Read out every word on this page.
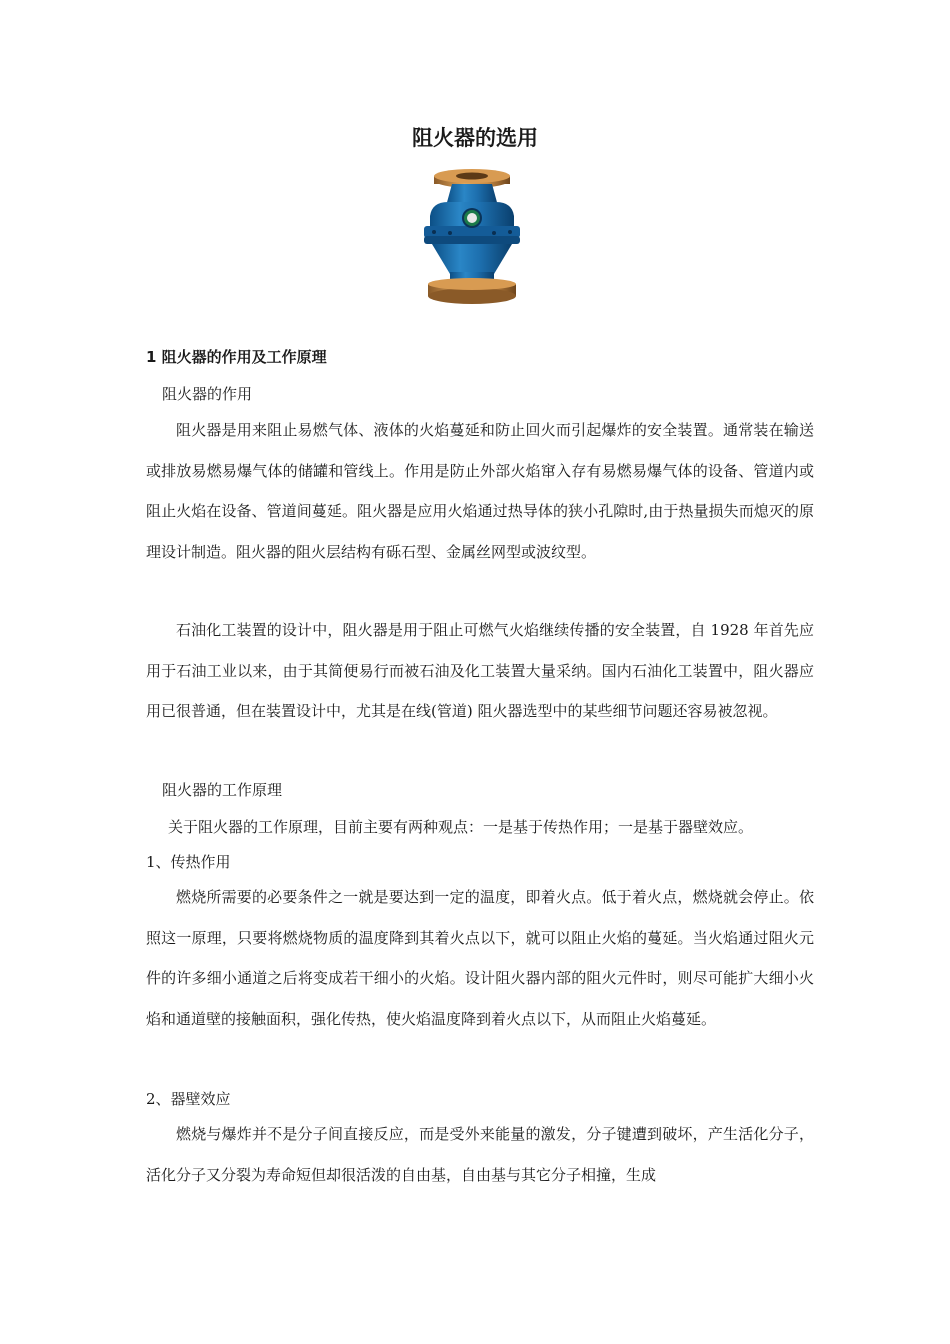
阻火器的选用
1 阻火器的作用及工作原理
阻火器的作用

阻火器是用来阻止易燃气体、液体的火焰蔓延和防止回火而引起爆炸的安全装置。通常装在输送或排放易燃易爆气体的储罐和管线上。作用是防止外部火焰窜入存有易燃易爆气体的设备、管道内或阻止火焰在设备、管道间蔓延。阻火器是应用火焰通过热导体的狭小孔隙时,由于热量损失而熄灭的原理设计制造。阻火器的阻火层结构有砾石型、金属丝网型或波纹型。

石油化工装置的设计中，阻火器是用于阻止可燃气火焰继续传播的安全装置，自 1928 年首先应用于石油工业以来，由于其简便易行而被石油及化工装置大量采纳。国内石油化工装置中，阻火器应用已很普通，但在装置设计中，尤其是在线(管道) 阻火器选型中的某些细节问题还容易被忽视。

阻火器的工作原理
关于阻火器的工作原理，目前主要有两种观点：一是基于传热作用；一是基于器壁效应。
1、传热作用

燃烧所需要的必要条件之一就是要达到一定的温度，即着火点。低于着火点，燃烧就会停止。依照这一原理，只要将燃烧物质的温度降到其着火点以下，就可以阻止火焰的蔓延。当火焰通过阻火元件的许多细小通道之后将变成若干细小的火焰。设计阻火器内部的阻火元件时，则尽可能扩大细小火焰和通道壁的接触面积，强化传热，使火焰温度降到着火点以下，从而阻止火焰蔓延。

2、器壁效应

燃烧与爆炸并不是分子间直接反应，而是受外来能量的激发，分子键遭到破坏，产生活化分子，活化分子又分裂为寿命短但却很活泼的自由基，自由基与其它分子相撞，生成
